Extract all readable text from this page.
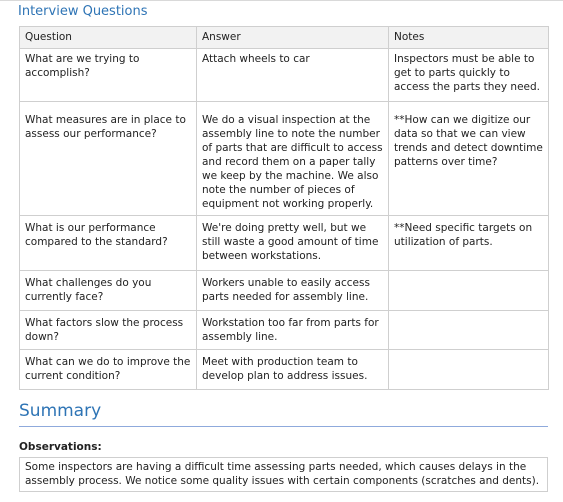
Interview Questions
Question	Answer	Notes
What are we trying to accomplish?	Attach wheels to car	Inspectors must be able to get to parts quickly to access the parts they need.
What measures are in place to assess our performance?	We do a visual inspection at the assembly line to note the number of parts that are difficult to access and record them on a paper tally we keep by the machine. We also note the number of pieces of equipment not working properly.	**How can we digitize our data so that we can view trends and detect downtime patterns over time?
What is our performance compared to the standard?	We're doing pretty well, but we still waste a good amount of time between workstations.	**Need specific targets on utilization of parts.
What challenges do you currently face?	Workers unable to easily access parts needed for assembly line.	
What factors slow the process down?	Workstation too far from parts for assembly line.	
What can we do to improve the current condition?	Meet with production team to develop plan to address issues.	
Summary
Observations:
Some inspectors are having a difficult time assessing parts needed, which causes delays in the assembly process. We notice some quality issues with certain components (scratches and dents).
